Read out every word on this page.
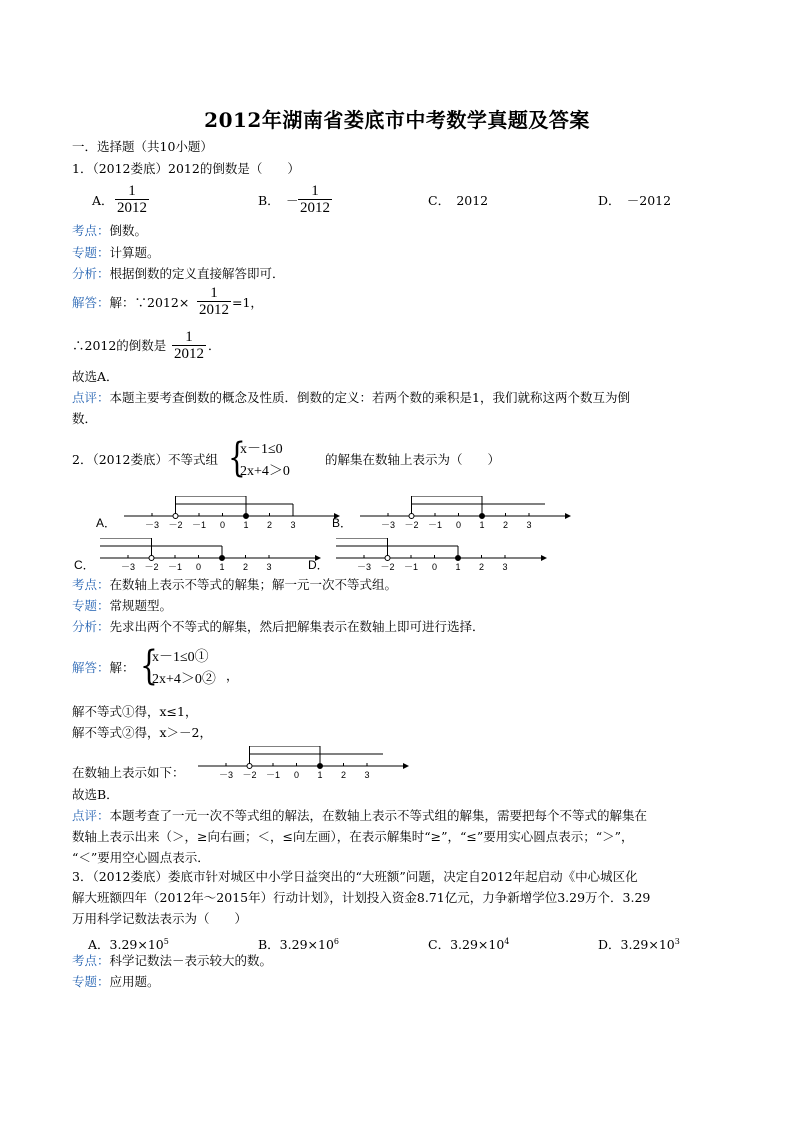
2012年湖南省娄底市中考数学真题及答案
一．选择题（共10小题）
1．（2012娄底）2012的倒数是（　　）
A． $\frac{1}{2012}$	B． － $\frac{1}{2012}$	C．　2012	D．　－2012
考点：倒数。
专题：计算题。
分析：根据倒数的定义直接解答即可．
解答：解：∵2012× $\frac{1}{2012} =1$，
∴2012的倒数是 $\frac{1}{2012}$ ．
故选A．
点评：本题主要考查倒数的概念及性质．倒数的定义：若两个数的乘积是1，我们就称这两个数互为倒
数．
2．（2012娄底）不等式组 {
x－1≤0
2x+4＞0
的解集在数轴上表示为（　　）
A．	－3 －2 －1 0 1 2 3	B．	－3 －2 －1 0 1 2 3
C．	－3 －2 －1 0 1 2 3	D．	－3 －2 －1 0 1 2 3
考点：在数轴上表示不等式的解集；解一元一次不等式组。
专题：常规题型。
分析：先求出两个不等式的解集，然后把解集表示在数轴上即可进行选择．
解答：解： {
x－1≤0①
2x+4＞0② ，
解不等式①得，x≤1，
解不等式②得，x＞－2，
在数轴上表示如下：	－3 －2 －1 0 1 2 3
故选B．
点评：本题考查了一元一次不等式组的解法，在数轴上表示不等式组的解集，需要把每个不等式的解集在
数轴上表示出来（＞，≥向右画；＜，≤向左画），在表示解集时“≥”，“≤”要用实心圆点表示；“＞”，
“＜”要用空心圆点表示．
3．（2012娄底）娄底市针对城区中小学日益突出的“大班额”问题，决定自2012年起启动《中心城区化
解大班额四年（2012年～2015年）行动计划》，计划投入资金8.71亿元，力争新增学位3.29万个．3.29
万用科学记数法表示为（　　）
A．$3.29\times 10^5$	B．$3.29\times 10^6$	C．$3.29\times 10^4$	D．$3.29\times 10^3$
考点：科学记数法－表示较大的数。
专题：应用题。
